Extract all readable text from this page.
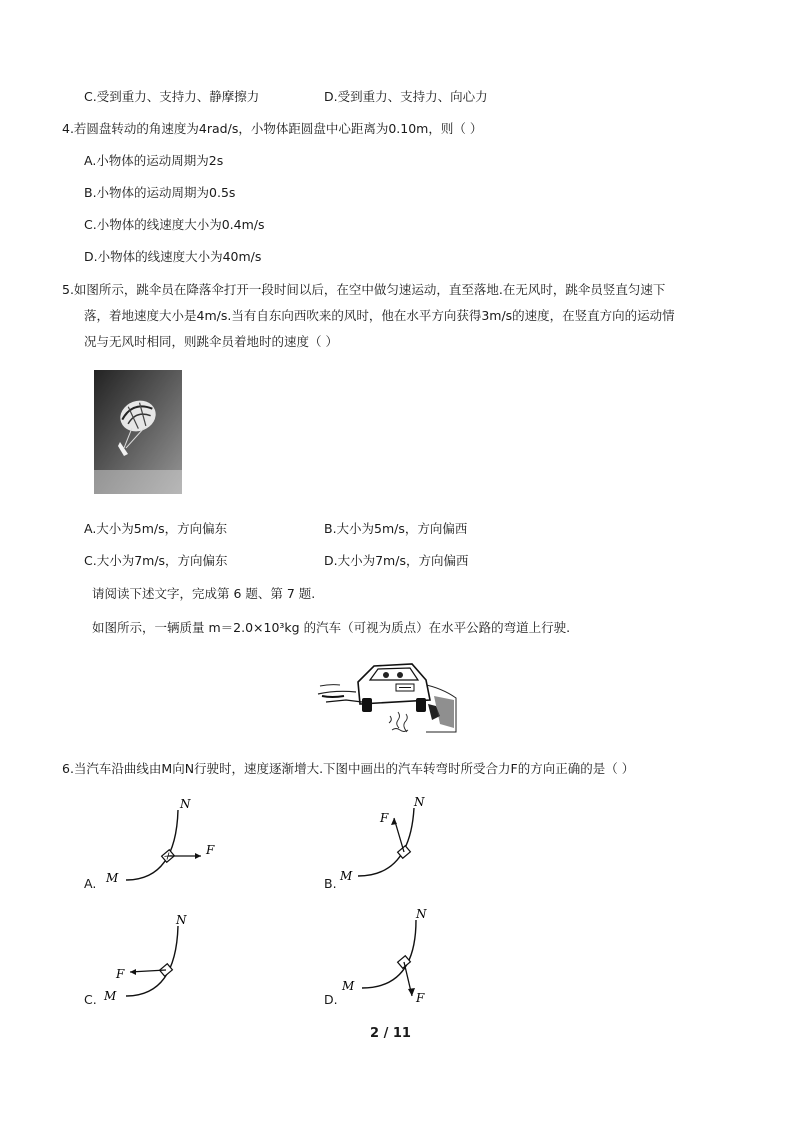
C.受到重力、支持力、静摩擦力	D.受到重力、支持力、向心力
4.若圆盘转动的角速度为4rad/s，小物体距圆盘中心距离为0.10m，则（ ）
A.小物体的运动周期为2s
B.小物体的运动周期为0.5s
C.小物体的线速度大小为0.4m/s
D.小物体的线速度大小为40m/s
5.如图所示，跳伞员在降落伞打开一段时间以后，在空中做匀速运动，直至落地.在无风时，跳伞员竖直匀速下
落，着地速度大小是4m/s.当有自东向西吹来的风时，他在水平方向获得3m/s的速度，在竖直方向的运动情
况与无风时相同，则跳伞员着地时的速度（ ）
A.大小为5m/s，方向偏东	B.大小为5m/s，方向偏西
C.大小为7m/s，方向偏东	D.大小为7m/s，方向偏西
请阅读下述文字，完成第 6 题、第 7 题.
如图所示，一辆质量 m＝2.0×10³kg 的汽车（可视为质点）在水平公路的弯道上行驶.
6.当汽车沿曲线由M向N行驶时，速度逐渐增大.下图中画出的汽车转弯时所受合力F的方向正确的是（ ）
A. M
N
F
B. M
N
F
C. M
N
F
D.
M
N
F
2 / 11
